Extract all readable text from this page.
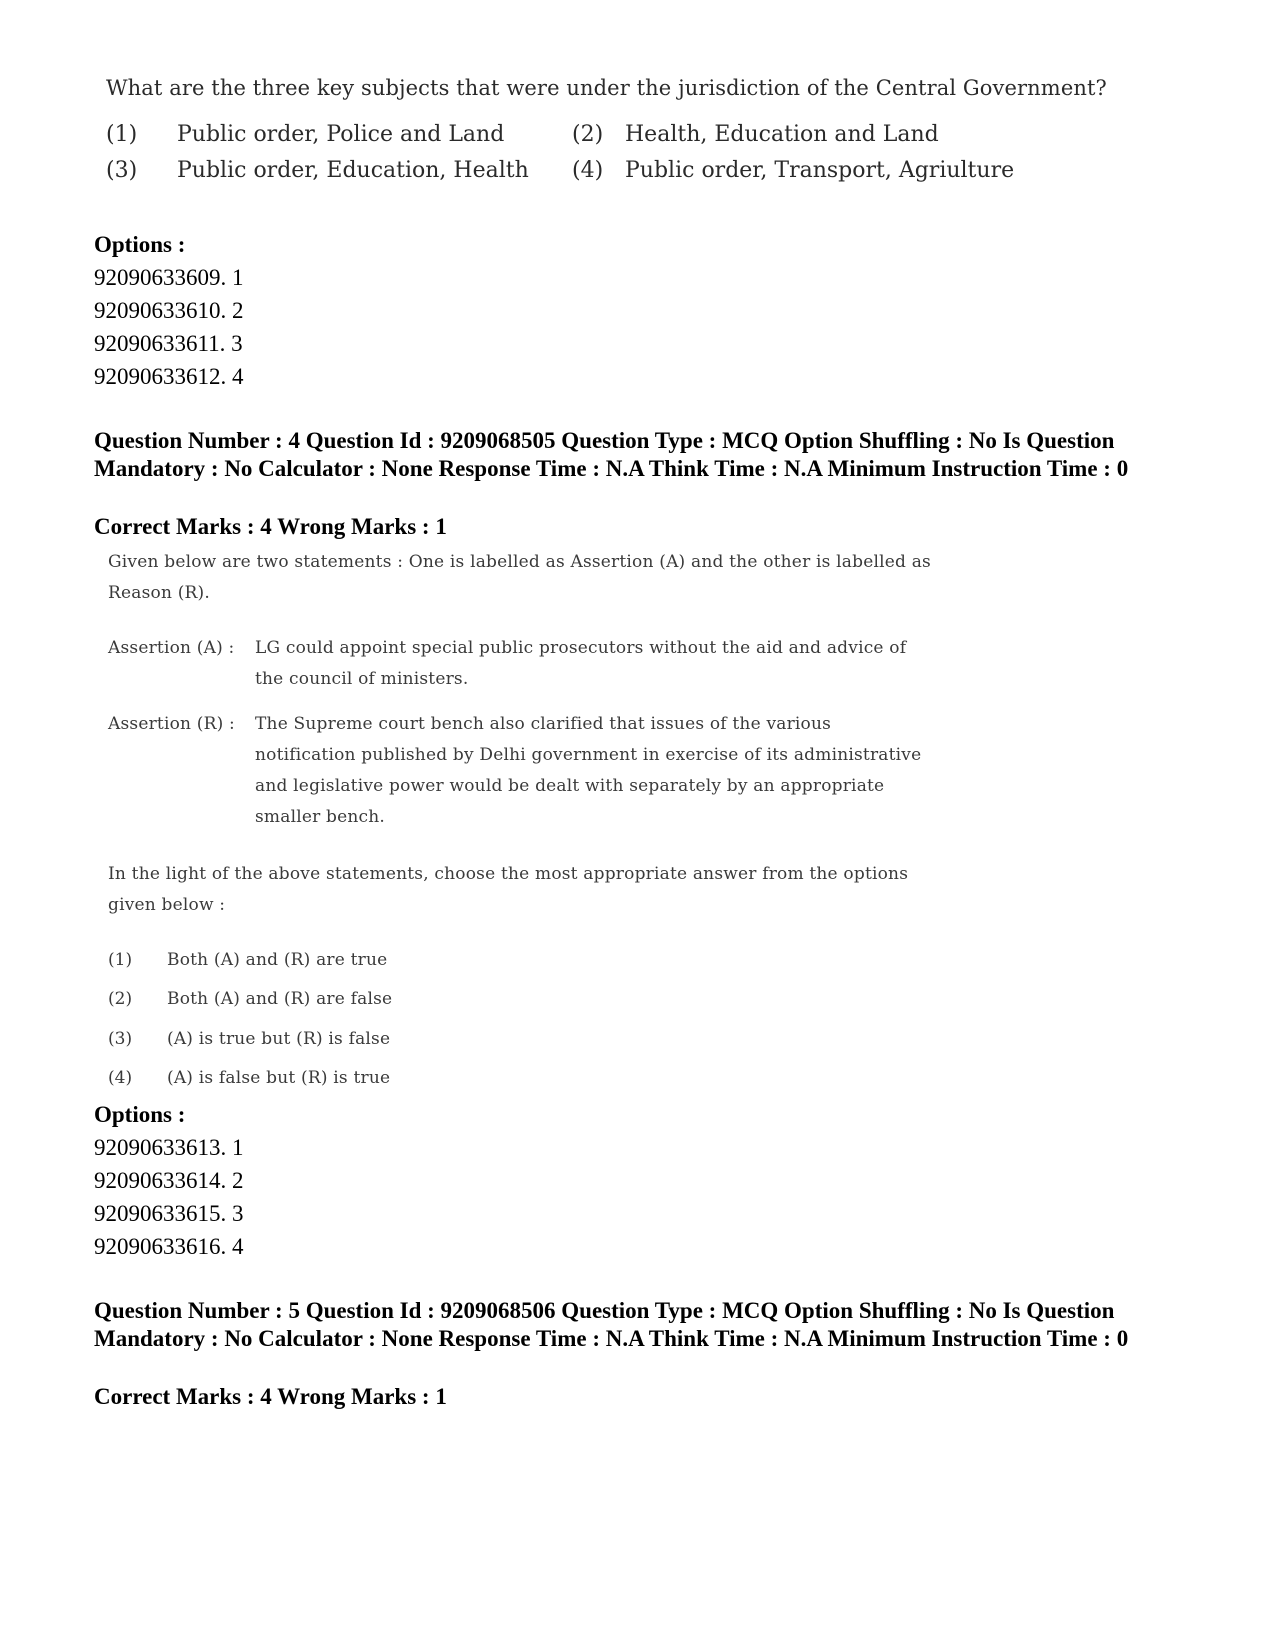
What are the three key subjects that were under the jurisdiction of the Central Government?
(1) Public order, Police and Land	(2) Health, Education and Land
(3) Public order, Education, Health (4) Public order, Transport, Agriulture
Options :
92090633609. 1
92090633610. 2
92090633611. 3
92090633612. 4
Question Number : 4 Question Id : 9209068505 Question Type : MCQ Option Shuffling : No Is Question Mandatory : No Calculator : None Response Time : N.A Think Time : N.A Minimum Instruction Time : 0
Correct Marks : 4 Wrong Marks : 1
Given below are two statements : One is labelled as Assertion (A) and the other is labelled as
Reason (R).
Assertion (A) : LG could appoint special public prosecutors without the aid and advice of
the council of ministers.
Assertion (R) : The Supreme court bench also clarified that issues of the various
notification published by Delhi government in exercise of its administrative
and legislative power would be dealt with separately by an appropriate
smaller bench.
In the light of the above statements, choose the most appropriate answer from the options
given below :
(1) Both (A) and (R) are true
(2) Both (A) and (R) are false
(3) (A) is true but (R) is false
(4) (A) is false but (R) is true
Options :
92090633613. 1
92090633614. 2
92090633615. 3
92090633616. 4
Question Number : 5 Question Id : 9209068506 Question Type : MCQ Option Shuffling : No Is Question Mandatory : No Calculator : None Response Time : N.A Think Time : N.A Minimum Instruction Time : 0
Correct Marks : 4 Wrong Marks : 1
